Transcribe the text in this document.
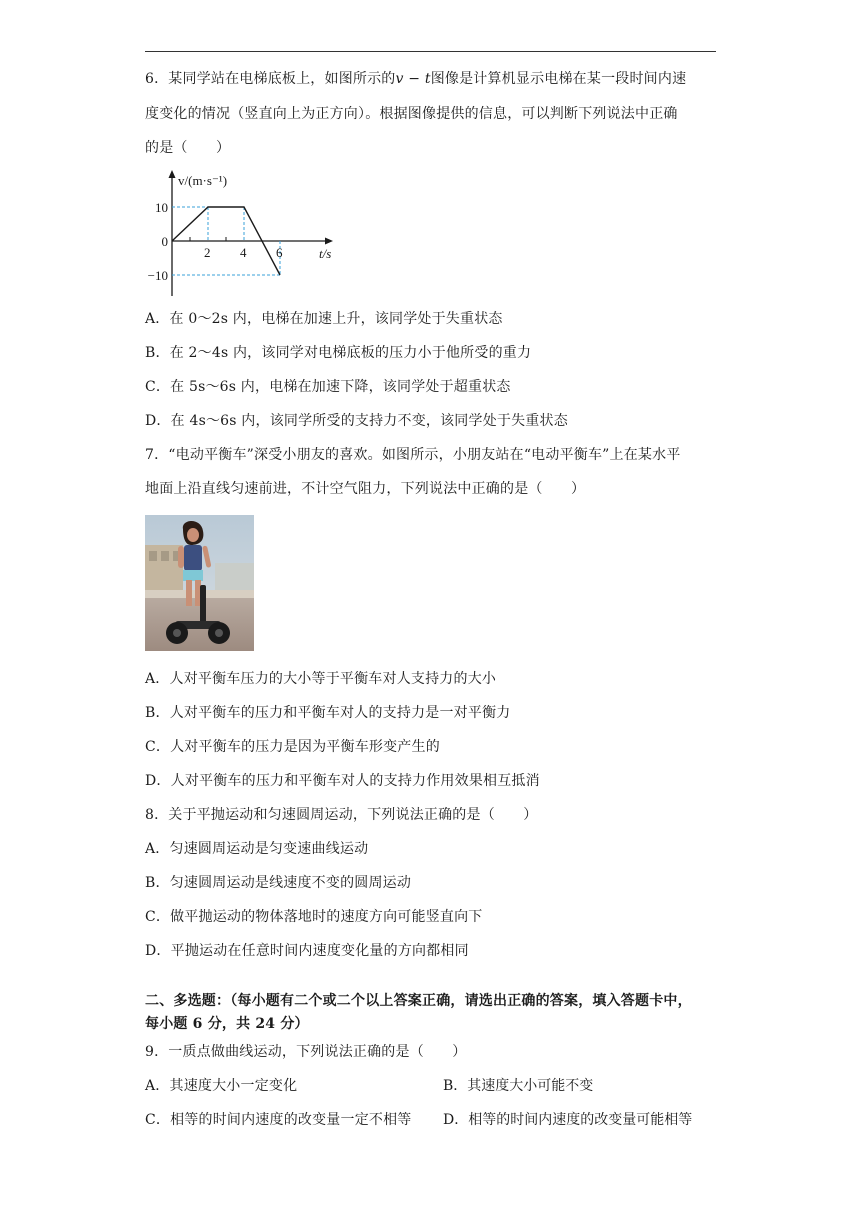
6．某同学站在电梯底板上，如图所示的v − t图像是计算机显示电梯在某一段时间内速
度变化的情况（竖直向上为正方向）。根据图像提供的信息，可以判断下列说法中正确
的是（　　）
2 4 6
10
0
−10
v/(m·s⁻¹)
t/s
A．在 0～2s 内，电梯在加速上升，该同学处于失重状态
B．在 2～4s 内，该同学对电梯底板的压力小于他所受的重力
C．在 5s～6s 内，电梯在加速下降，该同学处于超重状态
D．在 4s～6s 内，该同学所受的支持力不变，该同学处于失重状态
7．“电动平衡车”深受小朋友的喜欢。如图所示，小朋友站在“电动平衡车”上在某水平
地面上沿直线匀速前进，不计空气阻力，下列说法中正确的是（　　）
A．人对平衡车压力的大小等于平衡车对人支持力的大小
B．人对平衡车的压力和平衡车对人的支持力是一对平衡力
C．人对平衡车的压力是因为平衡车形变产生的
D．人对平衡车的压力和平衡车对人的支持力作用效果相互抵消
8．关于平抛运动和匀速圆周运动，下列说法正确的是（　　）
A．匀速圆周运动是匀变速曲线运动
B．匀速圆周运动是线速度不变的圆周运动
C．做平抛运动的物体落地时的速度方向可能竖直向下
D．平抛运动在任意时间内速度变化量的方向都相同
二、多选题：（每小题有二个或二个以上答案正确，请选出正确的答案，填入答题卡中，
每小题 6 分，共 24 分）
9．一质点做曲线运动，下列说法正确的是（　　）
A．其速度大小一定变化	B．其速度大小可能不变
C．相等的时间内速度的改变量一定不相等 D．相等的时间内速度的改变量可能相等
